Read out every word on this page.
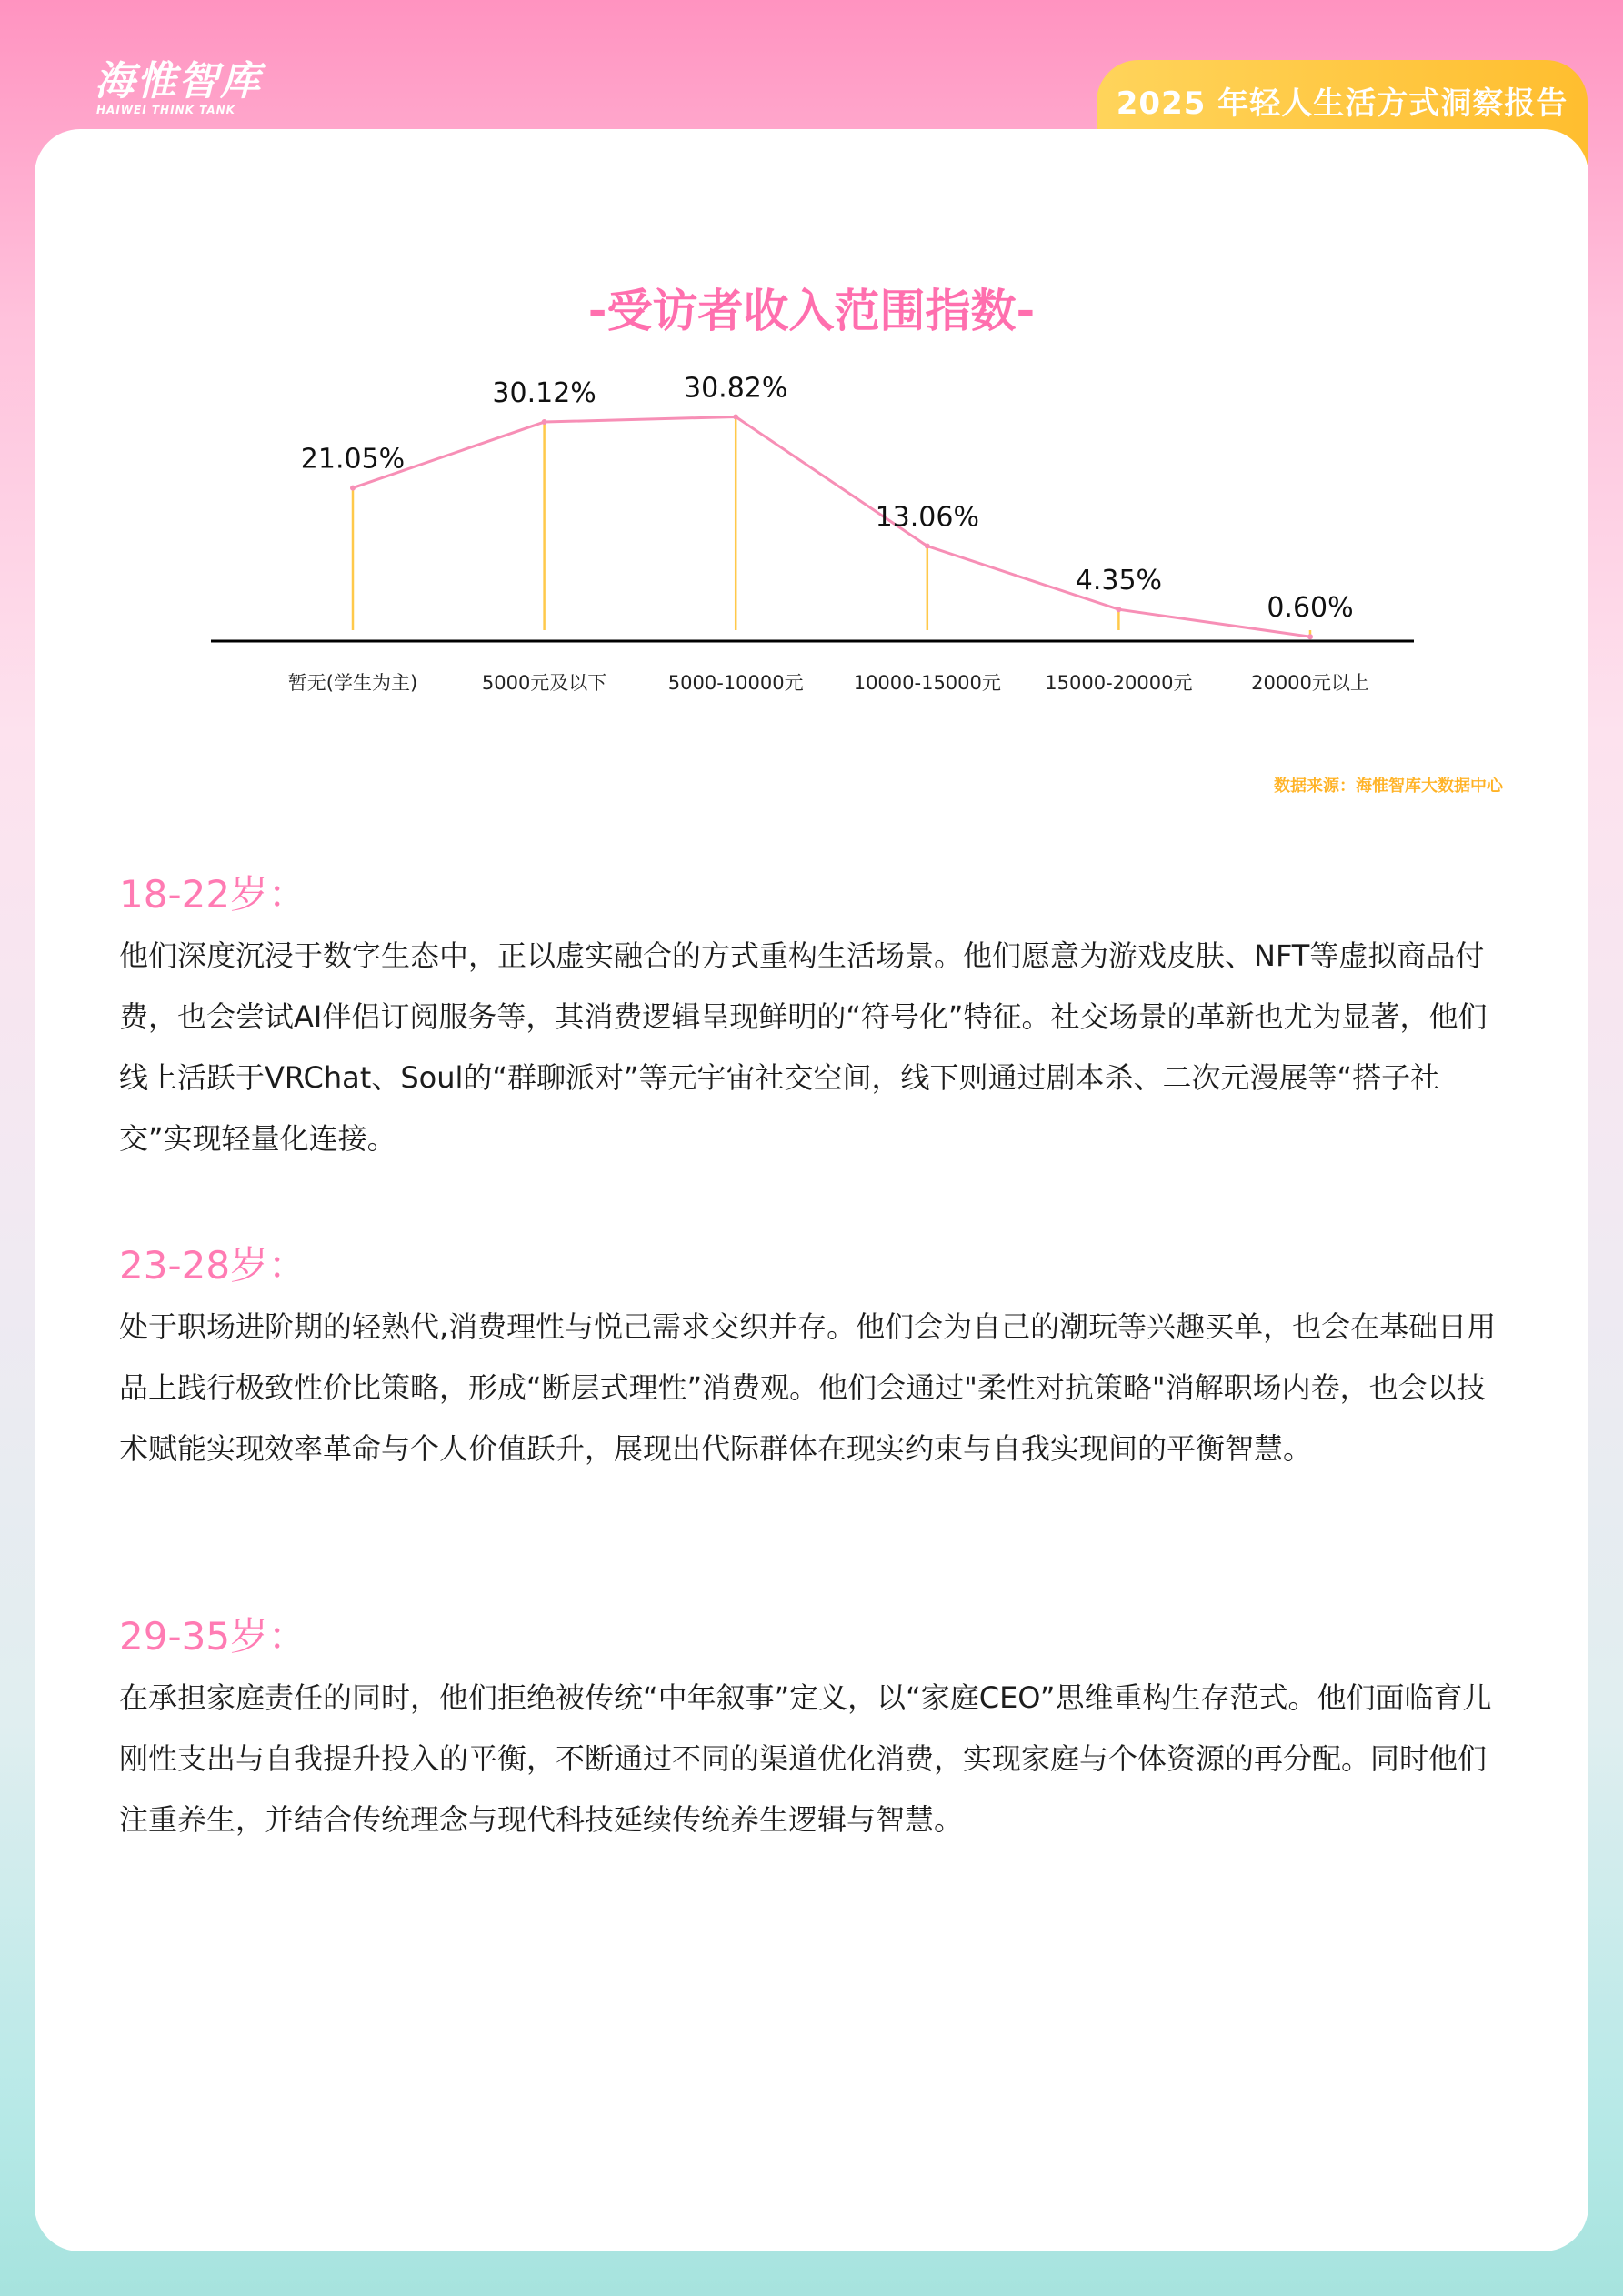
海惟智库
HAIWEI THINK TANK	2025 年轻人生活方式洞察报告
-受访者收入范围指数-
21.05%
30.12%	30.82%
13.06%
4.35%
0.60%
暂无(学生为主)	5000元及以下	5000-10000元	10000-15000元 15000-20000元	20000元以上
数据来源：海惟智库大数据中心
18-22岁：

他们深度沉浸于数字生态中，正以虚实融合的方式重构生活场景。他们愿意为游戏皮肤、NFT等虚拟商品付费，也会尝试AI伴侣订阅服务等，其消费逻辑呈现鲜明的“符号化”特征。社交场景的革新也尤为显著，他们线上活跃于VRChat、Soul的“群聊派对”等元宇宙社交空间，线下则通过剧本杀、二次元漫展等“搭子社交”实现轻量化连接。

23-28岁：

处于职场进阶期的轻熟代,消费理性与悦己需求交织并存。他们会为自己的潮玩等兴趣买单，也会在基础日用品上践行极致性价比策略，形成“断层式理性”消费观。他们会通过"柔性对抗策略"消解职场内卷，也会以技术赋能实现效率革命与个人价值跃升，展现出代际群体在现实约束与自我实现间的平衡智慧。

29-35岁：

在承担家庭责任的同时，他们拒绝被传统“中年叙事”定义，以“家庭CEO”思维重构生存范式。他们面临育儿刚性支出与自我提升投入的平衡，不断通过不同的渠道优化消费，实现家庭与个体资源的再分配。同时他们注重养生，并结合传统理念与现代科技延续传统养生逻辑与智慧。
